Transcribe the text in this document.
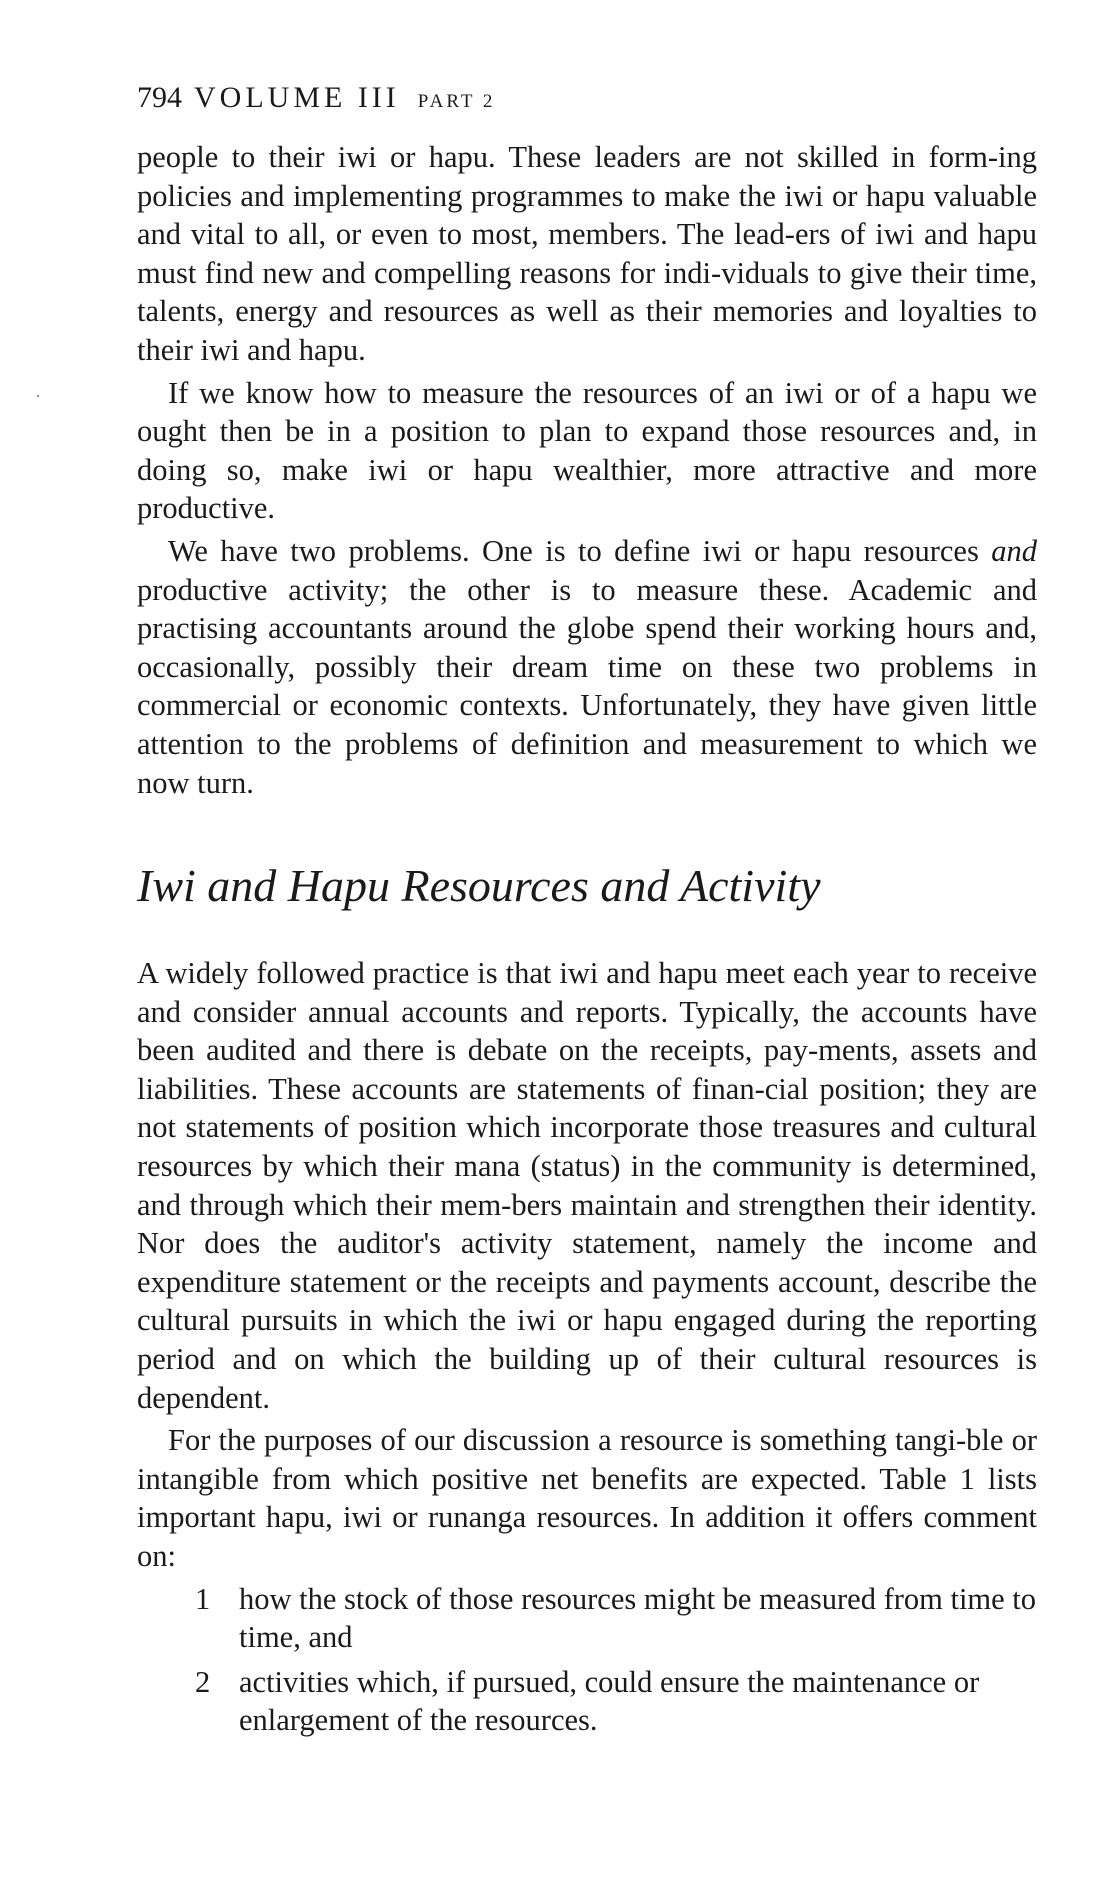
794 VOLUME III PART 2

people to their iwi or hapu. These leaders are not skilled in form-ing policies and implementing programmes to make the iwi or hapu valuable and vital to all, or even to most, members. The lead-ers of iwi and hapu must find new and compelling reasons for indi-viduals to give their time, talents, energy and resources as well as their memories and loyalties to their iwi and hapu.

If we know how to measure the resources of an iwi or of a hapu we ought then be in a position to plan to expand those resources and, in doing so, make iwi or hapu wealthier, more attractive and more productive.

We have two problems. One is to define iwi or hapu resources and productive activity; the other is to measure these. Academic and practising accountants around the globe spend their working hours and, occasionally, possibly their dream time on these two problems in commercial or economic contexts. Unfortunately, they have given little attention to the problems of definition and measurement to which we now turn.

Iwi and Hapu Resources and Activity

A widely followed practice is that iwi and hapu meet each year to receive and consider annual accounts and reports. Typically, the accounts have been audited and there is debate on the receipts, pay-ments, assets and liabilities. These accounts are statements of finan-cial position; they are not statements of position which incorporate those treasures and cultural resources by which their mana (status) in the community is determined, and through which their mem-bers maintain and strengthen their identity. Nor does the auditor's activity statement, namely the income and expenditure statement or the receipts and payments account, describe the cultural pursuits in which the iwi or hapu engaged during the reporting period and on which the building up of their cultural resources is dependent.

For the purposes of our discussion a resource is something tangi-ble or intangible from which positive net benefits are expected. Table 1 lists important hapu, iwi or runanga resources. In addition it offers comment on:

1 how the stock of those resources might be measured from time to time, and
2 activities which, if pursued, could ensure the maintenance or enlargement of the resources.
